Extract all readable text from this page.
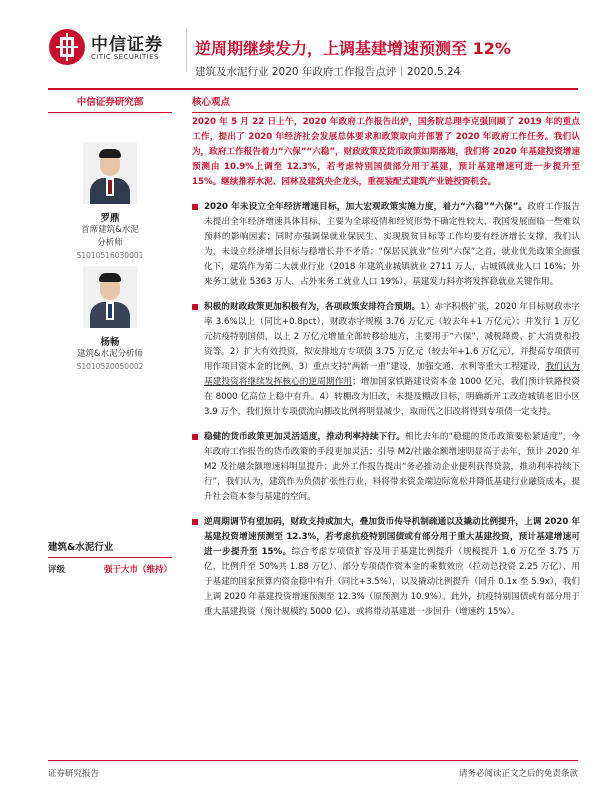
中信证券
CITIC SECURITIES 逆周期继续发力，上调基建增速预测至 12%
建筑及水泥行业 2020 年政府工作报告点评｜2020.5.24
中信证券研究部
罗鼎
首席建筑&水泥
分析师
S1010516030001
杨畅
建筑&水泥分析师
S1010520050002
建筑&水泥行业
评级	强于大市（维持）
核心观点
2020 年 5 月 22 日上午，2020 年政府工作报告出炉，国务院总理李克强回顾了 2019 年的重点工作，提出了 2020 年经济社会发展总体要求和政策取向并部署了 2020 年政府工作任务。我们认为，政府工作报告着力“六保”“六稳”，财政政策及货币政策如期落地，我们将 2020 年基建投资增速预测由 10.9%上调至 12.3%，若考虑特别国债部分用于基建，预计基建增速可进一步提升至 15%。继续推荐水泥、园林及建筑央企龙头，重视装配式建筑产业链投资机会。
2020 年未设立全年经济增速目标，加大宏观政策实施力度，着力“六稳”“六保”。政府工作报告未提出全年经济增速具体目标，主要为全球疫情和经贸形势不确定性较大，我国发展面临一些难以预料的影响因素；同时亦强调保就业保民生、实现脱贫目标等工作均要有经济增长支撑。我们认为，未设立经济增长目标与稳增长并不矛盾；“保居民就业”位列“六保”之首，就业优先政策全面强化下，建筑作为第二大就业行业（2018 年建筑业城镇就业 2711 万人，占城镇就业人口 16%；外来务工就业 5363 万人，占外来务工就业人口 19%），基建发力料亦将发挥稳就业关键作用。
积极的财政政策更加积极有为，各项政策安排符合预期。1）赤字积极扩张，2020 年目标财政赤字率 3.6%以上（同比+0.8pct），财政赤字规模 3.76 万亿元（较去年+1 万亿元）；并发行 1 万亿元抗疫特别国债，以上 2 万亿元增量全部转移给地方，主要用于“六保”，减税降费、扩大消费和投资等。2）扩大有效投资，拟安排地方专项债 3.75 万亿元（较去年+1.6 万亿元），并提高专项债可用作项目资本金的比例。3）重点支持“两新一重”建设，加强交通、水利等重大工程建设，我们认为基建投资将继续发挥核心的逆周期作用；增加国家铁路建设资本金 1000 亿元，我们预计铁路投资在 8000 亿高位上稳中有升。4）转棚改为旧改，未提及棚改目标，明确新开工改造城镇老旧小区 3.9 万个，我们预计专项债流向棚改比例将明显减少，取而代之旧改将得到专项债一定支持。
稳健的货币政策更加灵活适度，推动利率持续下行。相比去年的“稳健的货币政策要松紧适度”，今年政府工作报告的货币政策的手段更加灵活；引导 M2/社融余额增速明显高于去年，预计 2020 年 M2 及社融余额增速料明显提升；此外工作报告提出“务必推动企业便利获得贷款，推动利率持续下行”，我们认为，建筑作为负债扩张性行业，料将带来资金端边际宽松并降低基建行业融资成本，提升社会资本参与基建的空间。
逆周期调节有望加码，财政支持或加大，叠加货币传导机制疏通以及撬动比例提升，上调 2020 年基建投资增速预测至 12.3%，若考虑抗疫特别国债或有部分用于重大基建投资，预计基建增速可进一步提升至 15%。综合考虑专项债扩容及用于基建比例提升（规模提升 1.6 万亿至 3.75 万亿，比例升至 50%共 1.88 万亿）、部分专项债作资本金的乘数效应（拉动总投资 2.25 万亿）、用于基建的国家预算内资金稳中有升（同比+3.5%），以及撬动比例提升（回升 0.1x 至 5.9x），我们上调 2020 年基建投资增速预测至 12.3%（原预测为 10.9%）。此外，抗疫特别国债或有部分用于重大基建投资（预计规模约 5000 亿），或将带动基建进一步回升（增速约 15%）。
证券研究报告	请务必阅读正文之后的免责条款
